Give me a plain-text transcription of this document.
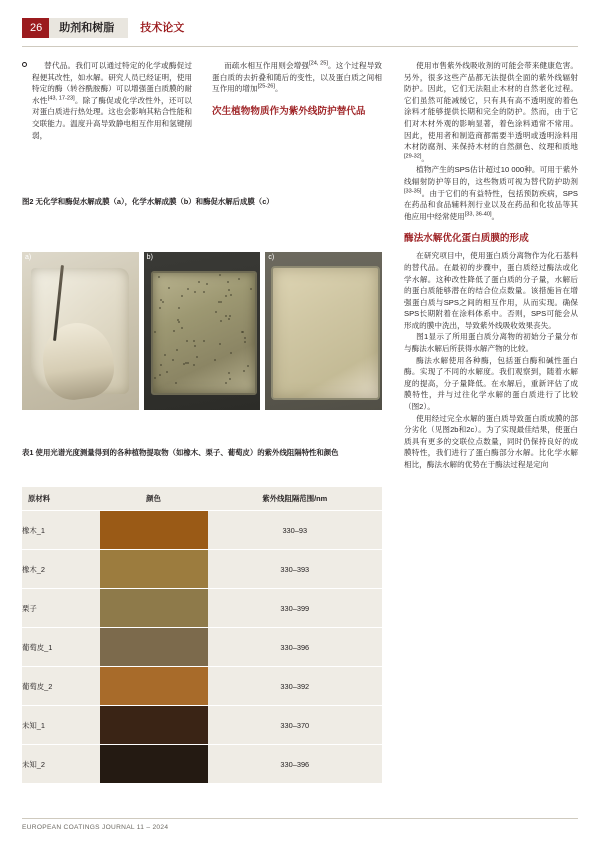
26	助剂和树脂	技术论文

替代品。我们可以通过特定的化学或酶促过程便其改性，如水解。研究人员已经证明，使用特定的酶（转谷酰胺酶）可以增强蛋白质膜的耐水性[43, 17-23]。除了酶促或化学改性外，还可以对蛋白质进行热处理。这也会影响其粘合性能和交联能力。温度升高导致静电相互作用和氢键削弱，

而疏水相互作用则会增强[24, 25]。这个过程导致蛋白质的去折叠和随后的变性，以及蛋白质之间相互作用的增加[25-26]。

次生植物物质作为紫外线防护替代品

使用市售紫外线吸收剂的可能会带来健康危害。另外，很多这些产品都无法提供全面的紫外线辐射防护。因此，它们无法阻止木材的自然老化过程。它们虽然可能减缓它，只有具有高不透明度的着色涂料才能够提供长期和完全的防护。然而，由于它们对木材外观的影响显著，着色涂料通常不常用。因此，使用者和制造商都需要半透明或透明涂料用木材防腐剂、来保持木材的自然颜色、纹理和质地[29-32]。

植物产生的SPS估计超过10 000种。可用于紫外线辐射防护等目的，这些物质可视为替代防护助剂[33-35]。由于它们的有益特性，包括预防疾病，SPS在药品和食品辅料剂行业以及在药品和化妆品等其他应用中经常使用[33, 36-40]。

酶法水解优化蛋白质膜的形成

在研究项目中，使用蛋白质分离物作为化石基料的替代品。在最初的步骤中，蛋白质经过酶法或化学水解。这种改性降低了蛋白质的分子量，水解后的蛋白质能够潜在的结合位点数量。该措施旨在增强蛋白质与SPS之间的相互作用，从而实现。确保SPS长期附着在涂料体系中。否则，SPS可能会从形成的膜中洗出，导致紫外线吸收效果丧失。

图1显示了所用蛋白质分离物的初始分子量分布与酶法水解后所获得水解产物的比较。

酶法水解使用各种酶，包括蛋白酶和碱性蛋白酶。实现了不同的水解度。我们观察到，随着水解度的提高，分子量降低。在水解后，重新评估了成膜特性，并与过往化学水解的蛋白质进行了比较（图2）。

使用经过完全水解的蛋白质导致蛋白质成膜的部分劣化（见图2b和2c）。为了实现最佳结果，使蛋白质具有更多的交联位点数量，同时仍保持良好的成膜特性，我们进行了蛋白酶部分水解。比化学水解相比，酶法水解的优势在于酶法过程是定向

图2 无化学和酶促水解成膜（a），化学水解成膜（b）和酶促水解后成膜（c）
a)	b)	c)
表1 使用光谱光度测量得到的各种植物提取物（如橡木、栗子、葡萄皮）的紫外线阻隔特性和颜色
原材料	颜色	紫外线阻隔范围/nm
橡木_1		330–93
橡木_2		330–393
栗子		330–399
葡萄皮_1		330–396
葡萄皮_2		330–392
未知_1		330–370
未知_2		330–396
EUROPEAN COATINGS JOURNAL 11 – 2024
